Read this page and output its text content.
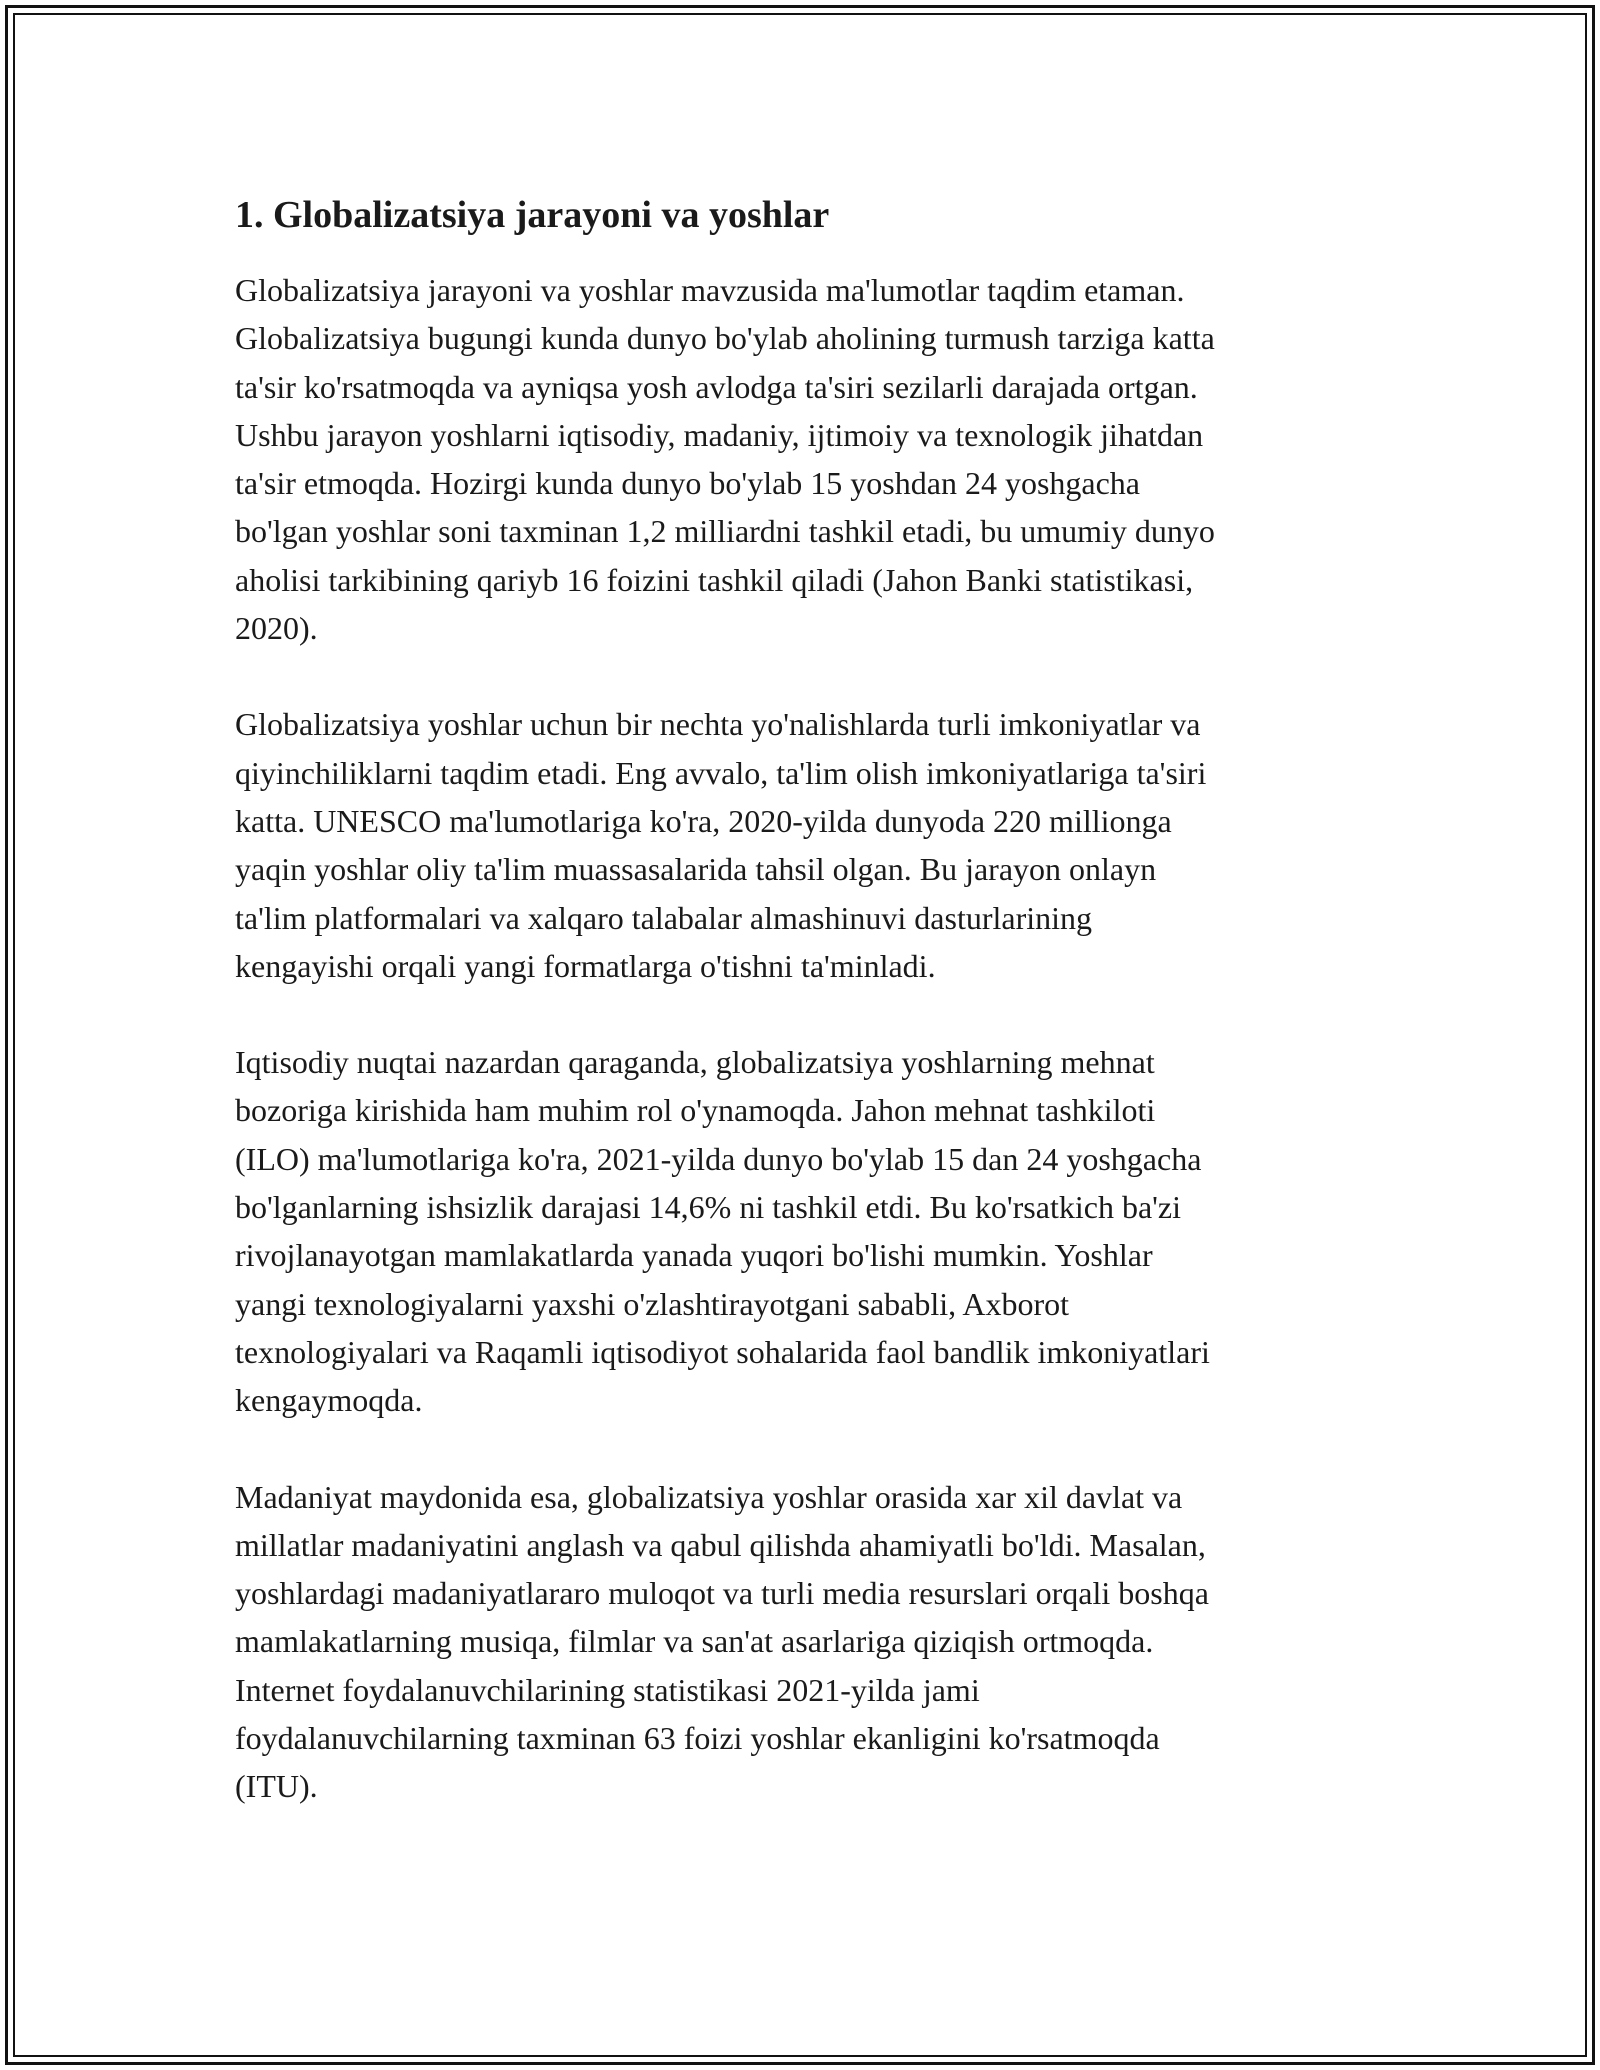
1. Globalizatsiya jarayoni va yoshlar

Globalizatsiya jarayoni va yoshlar mavzusida ma'lumotlar taqdim etaman.
Globalizatsiya bugungi kunda dunyo bo'ylab aholining turmush tarziga katta
ta'sir ko'rsatmoqda va ayniqsa yosh avlodga ta'siri sezilarli darajada ortgan.
Ushbu jarayon yoshlarni iqtisodiy, madaniy, ijtimoiy va texnologik jihatdan
ta'sir etmoqda. Hozirgi kunda dunyo bo'ylab 15 yoshdan 24 yoshgacha
bo'lgan yoshlar soni taxminan 1,2 milliardni tashkil etadi, bu umumiy dunyo
aholisi tarkibining qariyb 16 foizini tashkil qiladi (Jahon Banki statistikasi,
2020).

Globalizatsiya yoshlar uchun bir nechta yo'nalishlarda turli imkoniyatlar va
qiyinchiliklarni taqdim etadi. Eng avvalo, ta'lim olish imkoniyatlariga ta'siri
katta. UNESCO ma'lumotlariga ko'ra, 2020-yilda dunyoda 220 millionga
yaqin yoshlar oliy ta'lim muassasalarida tahsil olgan. Bu jarayon onlayn
ta'lim platformalari va xalqaro talabalar almashinuvi dasturlarining
kengayishi orqali yangi formatlarga o'tishni ta'minladi.

Iqtisodiy nuqtai nazardan qaraganda, globalizatsiya yoshlarning mehnat
bozoriga kirishida ham muhim rol o'ynamoqda. Jahon mehnat tashkiloti
(ILO) ma'lumotlariga ko'ra, 2021-yilda dunyo bo'ylab 15 dan 24 yoshgacha
bo'lganlarning ishsizlik darajasi 14,6% ni tashkil etdi. Bu ko'rsatkich ba'zi
rivojlanayotgan mamlakatlarda yanada yuqori bo'lishi mumkin. Yoshlar
yangi texnologiyalarni yaxshi o'zlashtirayotgani sababli, Axborot
texnologiyalari va Raqamli iqtisodiyot sohalarida faol bandlik imkoniyatlari
kengaymoqda.

Madaniyat maydonida esa, globalizatsiya yoshlar orasida xar xil davlat va
millatlar madaniyatini anglash va qabul qilishda ahamiyatli bo'ldi. Masalan,
yoshlardagi madaniyatlararo muloqot va turli media resurslari orqali boshqa
mamlakatlarning musiqa, filmlar va san'at asarlariga qiziqish ortmoqda.
Internet foydalanuvchilarining statistikasi 2021-yilda jami
foydalanuvchilarning taxminan 63 foizi yoshlar ekanligini ko'rsatmoqda
(ITU).
